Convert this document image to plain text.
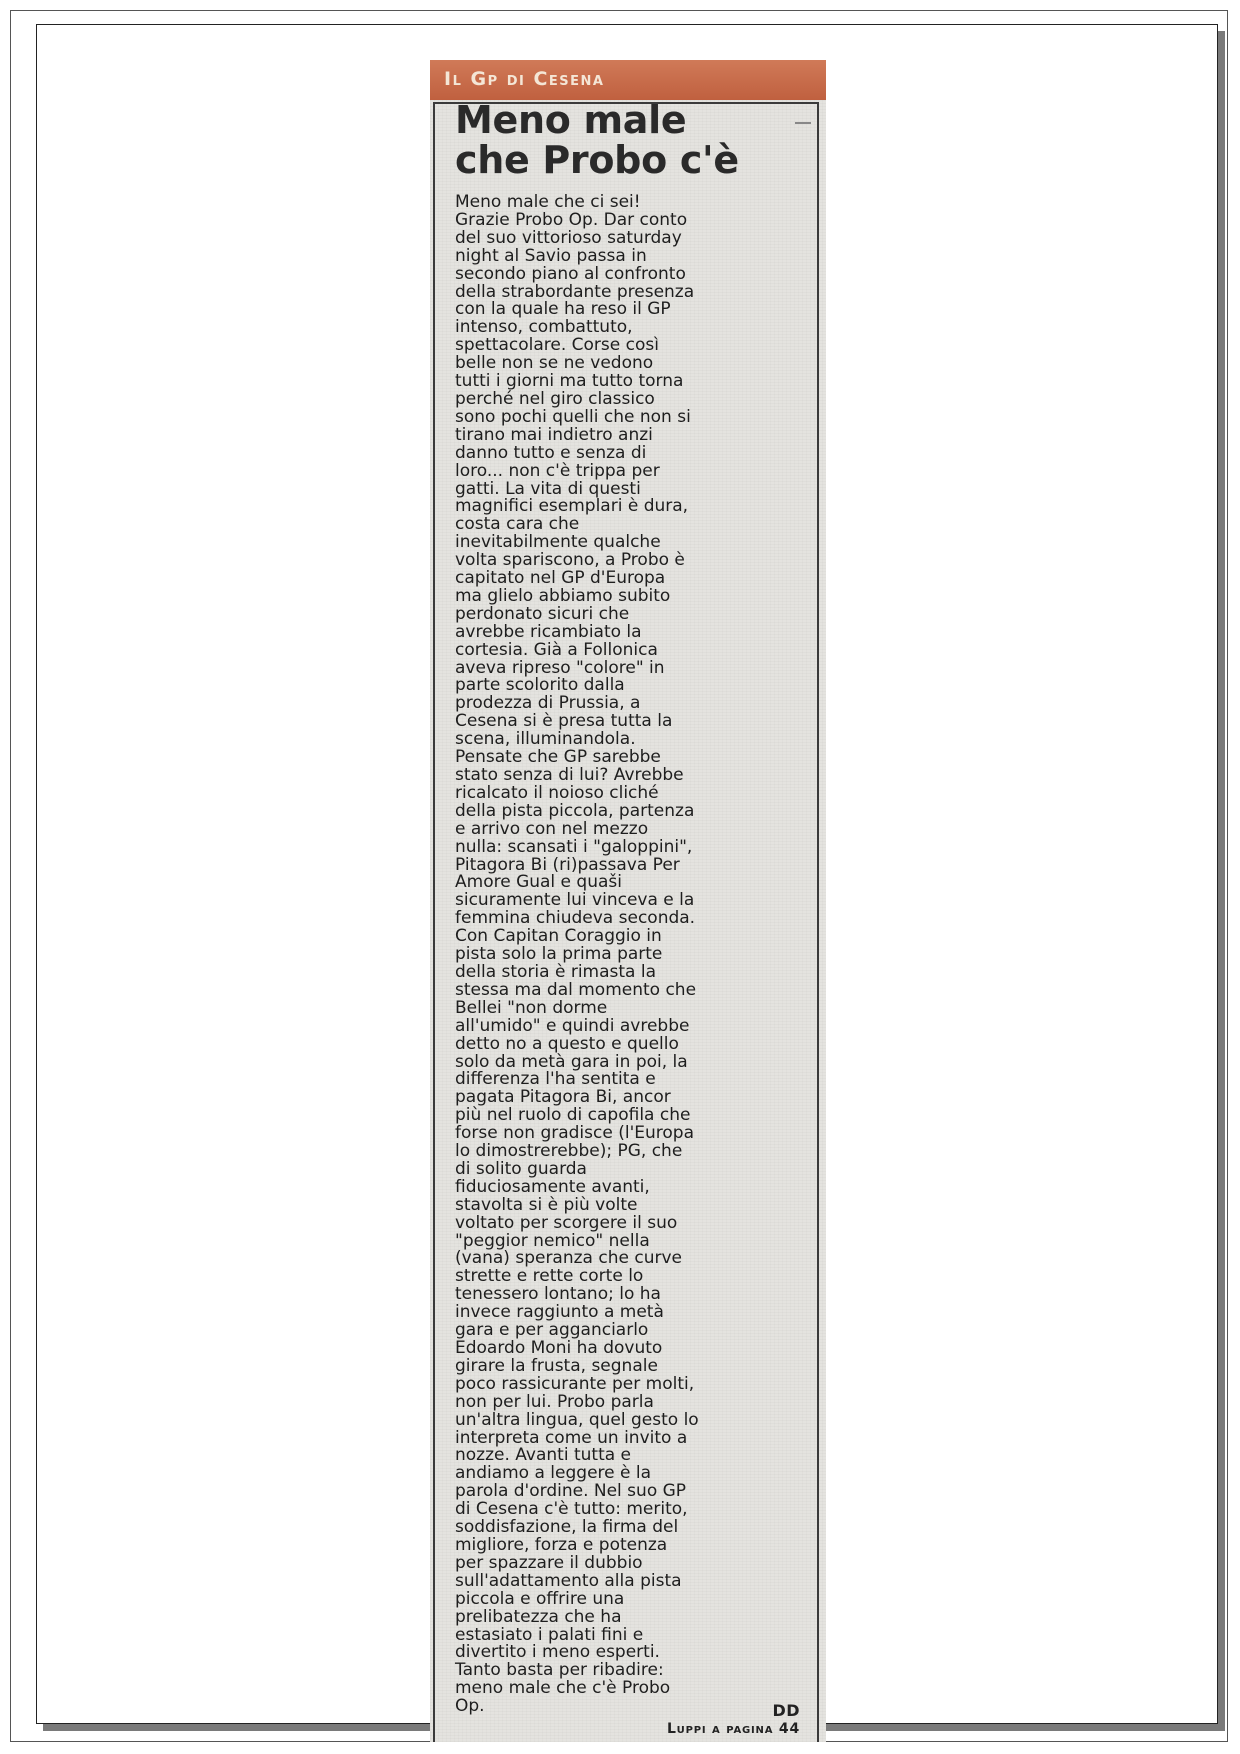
Il Gp di Cesena
Meno male
che Probo c'è

Meno male che ci sei!
Grazie Probo Op. Dar conto
del suo vittorioso saturday
night al Savio passa in
secondo piano al confronto
della strabordante presenza
con la quale ha reso il GP
intenso, combattuto,
spettacolare. Corse così
belle non se ne vedono
tutti i giorni ma tutto torna
perché nel giro classico
sono pochi quelli che non si
tirano mai indietro anzi
danno tutto e senza di
loro... non c'è trippa per
gatti. La vita di questi
magnifici esemplari è dura,
costa cara che
inevitabilmente qualche
volta spariscono, a Probo è
capitato nel GP d'Europa
ma glielo abbiamo subito
perdonato sicuri che
avrebbe ricambiato la
cortesia. Già a Follonica
aveva ripreso "colore" in
parte scolorito dalla
prodezza di Prussia, a
Cesena si è presa tutta la
scena, illuminandola.
Pensate che GP sarebbe
stato senza di lui? Avrebbe
ricalcato il noioso cliché
della pista piccola, partenza
e arrivo con nel mezzo
nulla: scansati i "galoppini",
Pitagora Bi (ri)passava Per
Amore Gual e quaši
sicuramente lui vinceva e la
femmina chiudeva seconda.
Con Capitan Coraggio in
pista solo la prima parte
della storia è rimasta la
stessa ma dal momento che
Bellei "non dorme
all'umido" e quindi avrebbe
detto no a questo e quello
solo da metà gara in poi, la
differenza l'ha sentita e
pagata Pitagora Bi, ancor
più nel ruolo di capofila che
forse non gradisce (l'Europa
lo dimostrerebbe); PG, che
di solito guarda
fiduciosamente avanti,
stavolta si è più volte
voltato per scorgere il suo
"peggior nemico" nella
(vana) speranza che curve
strette e rette corte lo
tenessero lontano; lo ha
invece raggiunto a metà
gara e per agganciarlo
Edoardo Moni ha dovuto
girare la frusta, segnale
poco rassicurante per molti,
non per lui. Probo parla
un'altra lingua, quel gesto lo
interpreta come un invito a
nozze. Avanti tutta e
andiamo a leggere è la
parola d'ordine. Nel suo GP
di Cesena c'è tutto: merito,
soddisfazione, la firma del
migliore, forza e potenza
per spazzare il dubbio
sull'adattamento alla pista
piccola e offrire una
prelibatezza che ha
estasiato i palati fini e
divertito i meno esperti.
Tanto basta per ribadire:
meno male che c'è Probo
Op.	DD
Luppi a pagina 44
